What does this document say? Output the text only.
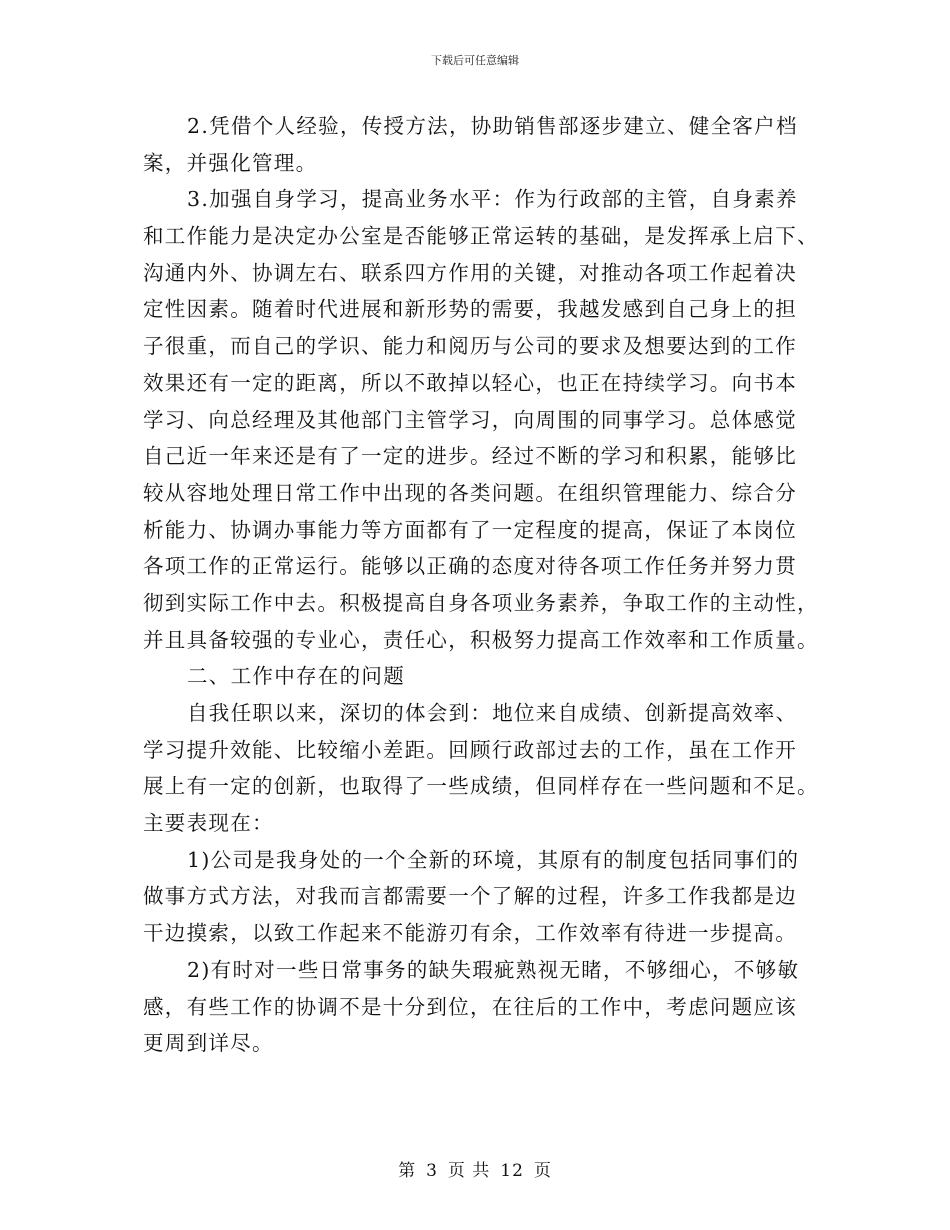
下载后可任意编辑
2.凭借个人经验，传授方法，协助销售部逐步建立、健全客户档
案，并强化管理。
3.加强自身学习，提高业务水平：作为行政部的主管，自身素养
和工作能力是决定办公室是否能够正常运转的基础，是发挥承上启下、
沟通内外、协调左右、联系四方作用的关键，对推动各项工作起着决
定性因素。随着时代进展和新形势的需要，我越发感到自己身上的担
子很重，而自己的学识、能力和阅历与公司的要求及想要达到的工作
效果还有一定的距离，所以不敢掉以轻心，也正在持续学习。向书本
学习、向总经理及其他部门主管学习，向周围的同事学习。总体感觉
自己近一年来还是有了一定的进步。经过不断的学习和积累，能够比
较从容地处理日常工作中出现的各类问题。在组织管理能力、综合分
析能力、协调办事能力等方面都有了一定程度的提高，保证了本岗位
各项工作的正常运行。能够以正确的态度对待各项工作任务并努力贯
彻到实际工作中去。积极提高自身各项业务素养，争取工作的主动性，
并且具备较强的专业心，责任心，积极努力提高工作效率和工作质量。
二、工作中存在的问题
自我任职以来，深切的体会到：地位来自成绩、创新提高效率、
学习提升效能、比较缩小差距。回顾行政部过去的工作，虽在工作开
展上有一定的创新，也取得了一些成绩，但同样存在一些问题和不足。
主要表现在：
1)公司是我身处的一个全新的环境，其原有的制度包括同事们的
做事方式方法，对我而言都需要一个了解的过程，许多工作我都是边
干边摸索，以致工作起来不能游刃有余，工作效率有待进一步提高。
2)有时对一些日常事务的缺失瑕疵熟视无睹，不够细心，不够敏
感，有些工作的协调不是十分到位，在往后的工作中，考虑问题应该
更周到详尽。
第 3 页 共 12 页
